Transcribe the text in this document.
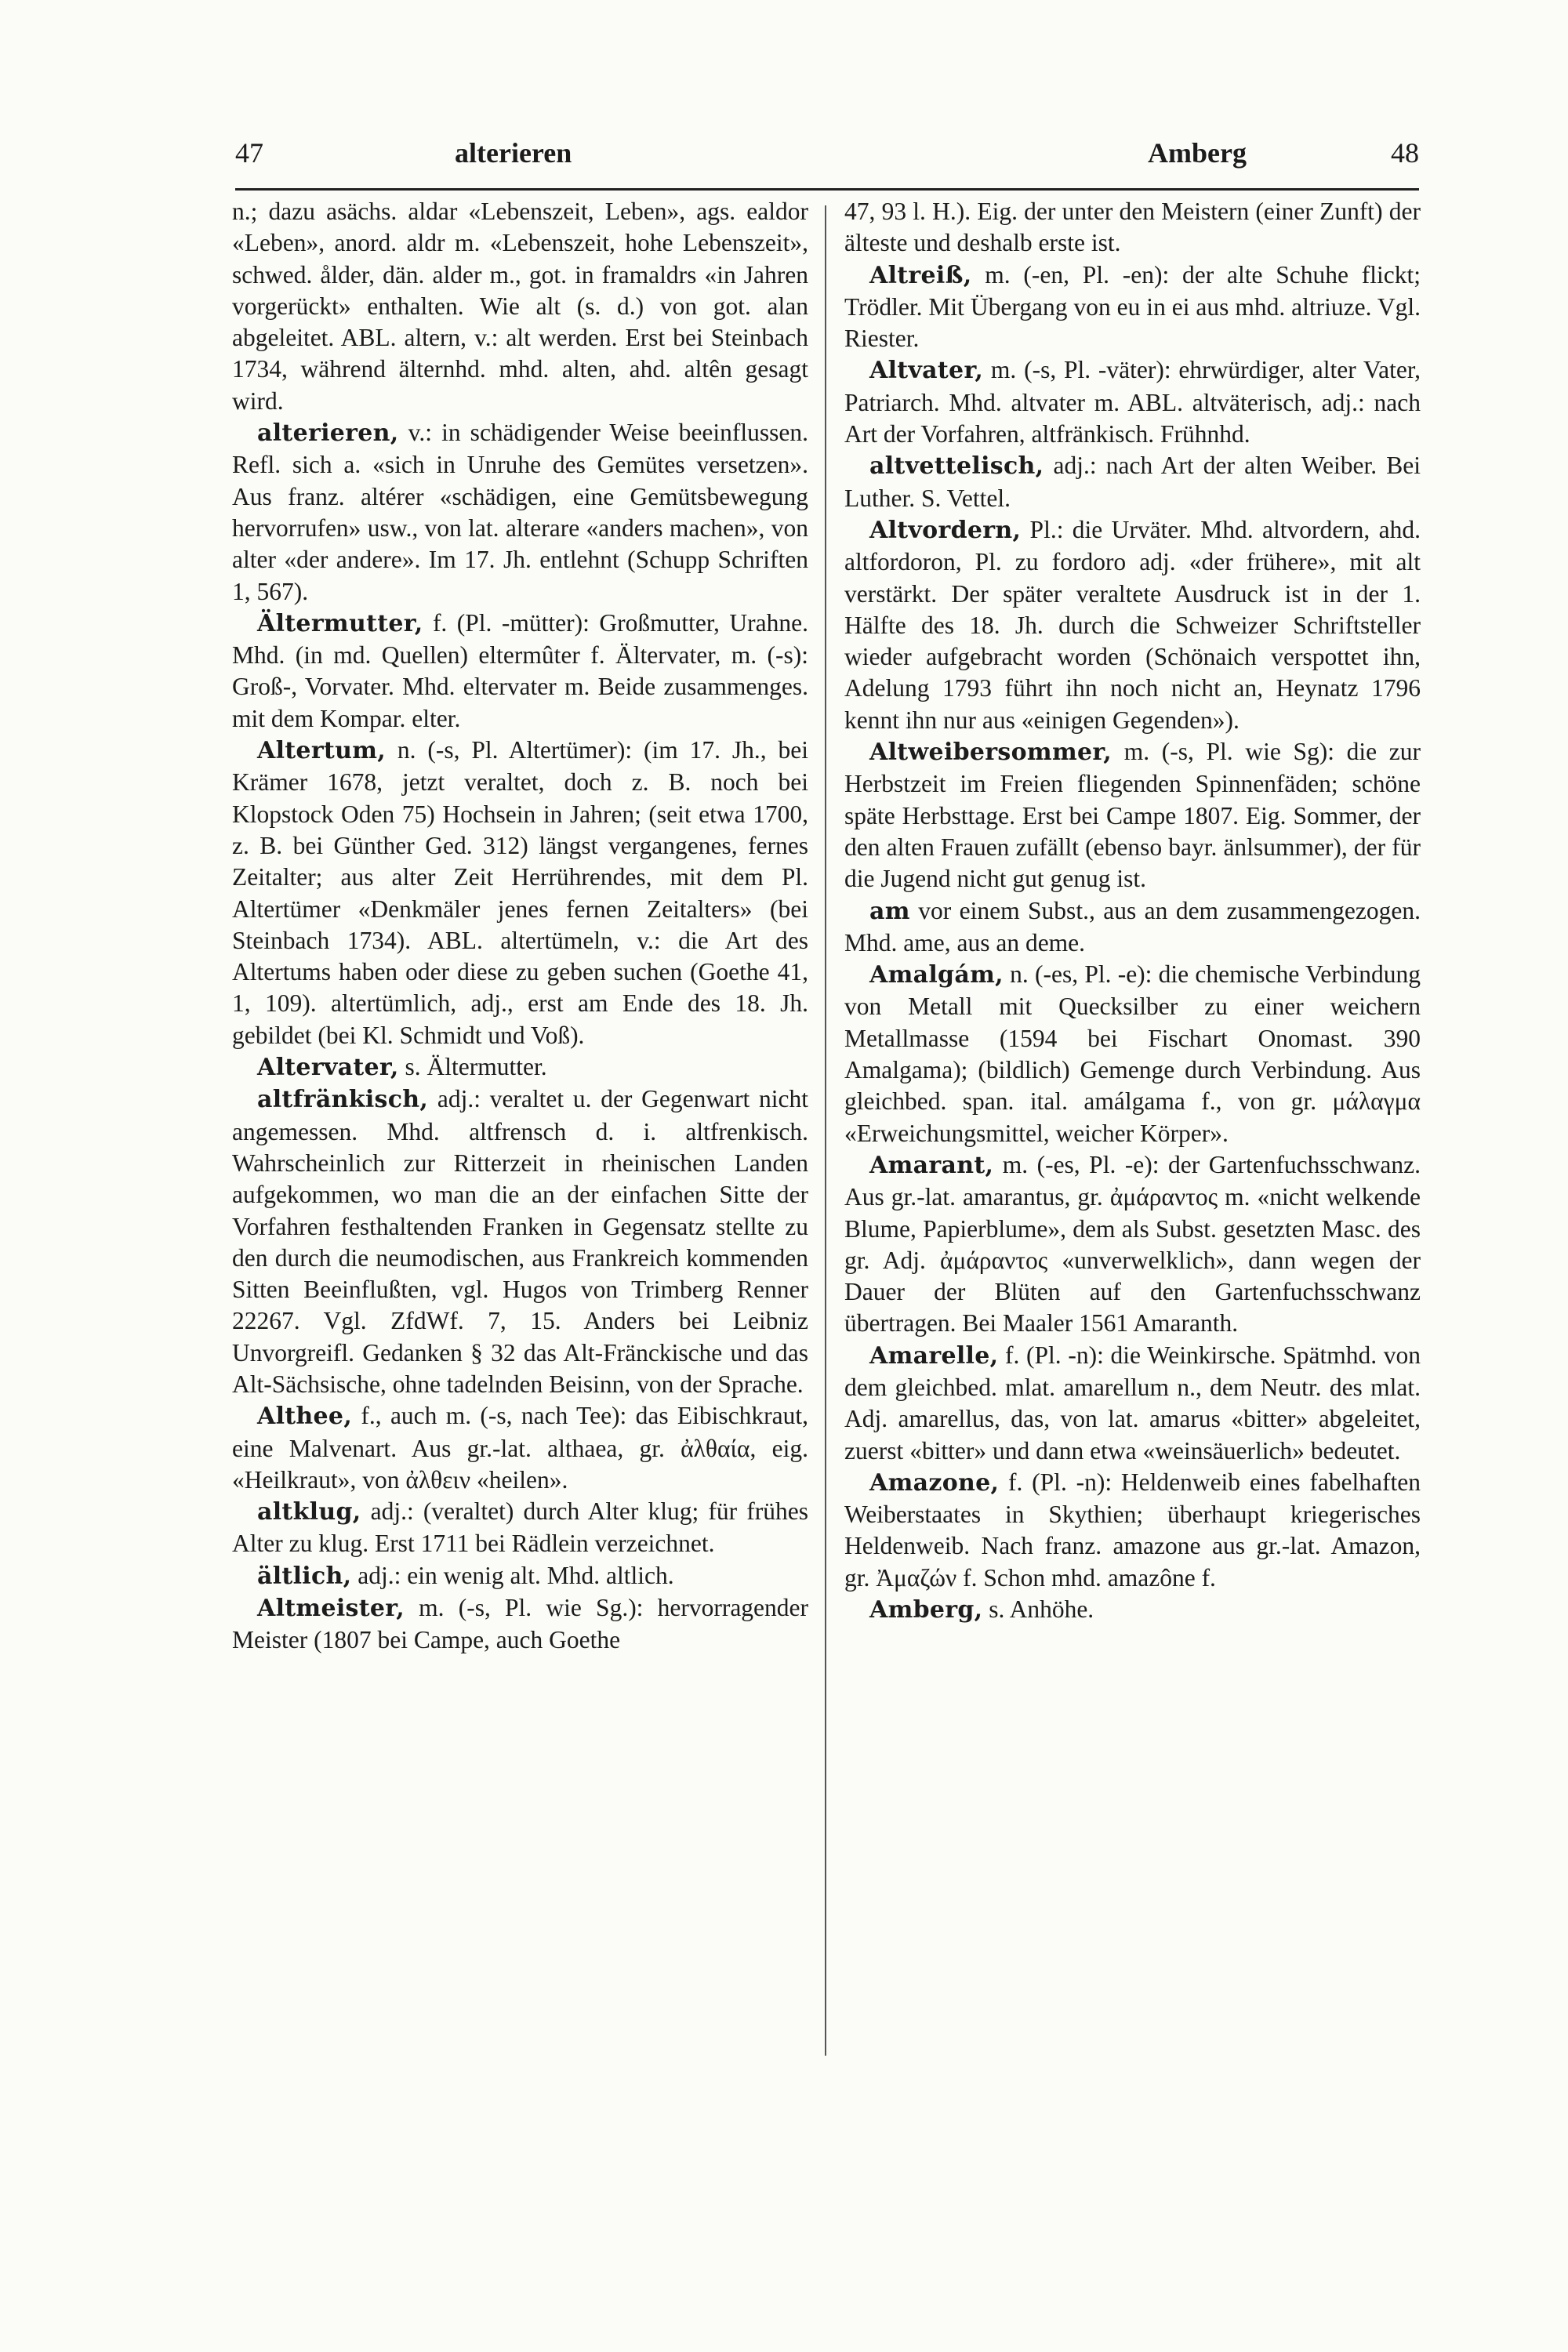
47	alterieren	Amberg	48

n.; dazu asächs. aldar «Lebenszeit, Leben», ags. ealdor «Leben», anord. aldr m. «Lebenszeit, hohe Lebenszeit», schwed. ålder, dän. alder m., got. in framaldrs «in Jahren vorgerückt» enthalten. Wie alt (s. d.) von got. alan abgeleitet. ABL. altern, v.: alt werden. Erst bei Steinbach 1734, während älternhd. mhd. alten, ahd. altên gesagt wird.

alterieren, v.: in schädigender Weise beeinflussen. Refl. sich a. «sich in Unruhe des Gemütes versetzen». Aus franz. altérer «schädigen, eine Gemütsbewegung hervorrufen» usw., von lat. alterare «anders machen», von alter «der andere». Im 17. Jh. entlehnt (Schupp Schriften 1, 567).

Ältermutter, f. (Pl. -mütter): Großmutter, Urahne. Mhd. (in md. Quellen) eltermûter f. Ältervater, m. (-s): Groß-, Vorvater. Mhd. eltervater m. Beide zusammenges. mit dem Kompar. elter.

Altertum, n. (-s, Pl. Altertümer): (im 17. Jh., bei Krämer 1678, jetzt veraltet, doch z. B. noch bei Klopstock Oden 75) Hochsein in Jahren; (seit etwa 1700, z. B. bei Günther Ged. 312) längst vergangenes, fernes Zeitalter; aus alter Zeit Herrührendes, mit dem Pl. Altertümer «Denkmäler jenes fernen Zeitalters» (bei Steinbach 1734). ABL. altertümeln, v.: die Art des Altertums haben oder diese zu geben suchen (Goethe 41, 1, 109). altertümlich, adj., erst am Ende des 18. Jh. gebildet (bei Kl. Schmidt und Voß).

Altervater, s. Ältermutter.

altfränkisch, adj.: veraltet u. der Gegenwart nicht angemessen. Mhd. altfrensch d. i. altfrenkisch. Wahrscheinlich zur Ritterzeit in rheinischen Landen aufgekommen, wo man die an der einfachen Sitte der Vorfahren festhaltenden Franken in Gegensatz stellte zu den durch die neumodischen, aus Frankreich kommenden Sitten Beeinflußten, vgl. Hugos von Trimberg Renner 22267. Vgl. ZfdWf. 7, 15. Anders bei Leibniz Unvorgreifl. Gedanken § 32 das Alt-Fränckische und das Alt-Sächsische, ohne tadelnden Beisinn, von der Sprache.

Althee, f., auch m. (-s, nach Tee): das Eibischkraut, eine Malvenart. Aus gr.-lat. althaea, gr. ἀλθαία, eig. «Heilkraut», von ἀλθειν «heilen».

altklug, adj.: (veraltet) durch Alter klug; für frühes Alter zu klug. Erst 1711 bei Rädlein verzeichnet.

ältlich, adj.: ein wenig alt. Mhd. altlich.

Altmeister, m. (-s, Pl. wie Sg.): hervorragender Meister (1807 bei Campe, auch Goethe

47, 93 l. H.). Eig. der unter den Meistern (einer Zunft) der älteste und deshalb erste ist.

Altreiß, m. (-en, Pl. -en): der alte Schuhe flickt; Trödler. Mit Übergang von eu in ei aus mhd. altriuze. Vgl. Riester.

Altvater, m. (-s, Pl. -väter): ehrwürdiger, alter Vater, Patriarch. Mhd. altvater m. ABL. altväterisch, adj.: nach Art der Vorfahren, altfränkisch. Frühnhd.

altvettelisch, adj.: nach Art der alten Weiber. Bei Luther. S. Vettel.

Altvordern, Pl.: die Urväter. Mhd. altvordern, ahd. altfordoron, Pl. zu fordoro adj. «der frühere», mit alt verstärkt. Der später veraltete Ausdruck ist in der 1. Hälfte des 18. Jh. durch die Schweizer Schriftsteller wieder aufgebracht worden (Schönaich verspottet ihn, Adelung 1793 führt ihn noch nicht an, Heynatz 1796 kennt ihn nur aus «einigen Gegenden»).

Altweibersommer, m. (-s, Pl. wie Sg): die zur Herbstzeit im Freien fliegenden Spinnenfäden; schöne späte Herbsttage. Erst bei Campe 1807. Eig. Sommer, der den alten Frauen zufällt (ebenso bayr. änlsummer), der für die Jugend nicht gut genug ist.

am vor einem Subst., aus an dem zusammengezogen. Mhd. ame, aus an deme.

Amalgám, n. (-es, Pl. -e): die chemische Verbindung von Metall mit Quecksilber zu einer weichern Metallmasse (1594 bei Fischart Onomast. 390 Amalgama); (bildlich) Gemenge durch Verbindung. Aus gleichbed. span. ital. amálgama f., von gr. μάλαγμα «Erweichungsmittel, weicher Körper».

Amarant, m. (-es, Pl. -e): der Gartenfuchsschwanz. Aus gr.-lat. amarantus, gr. ἀμάραντος m. «nicht welkende Blume, Papierblume», dem als Subst. gesetzten Masc. des gr. Adj. ἀμάραντος «unverwelklich», dann wegen der Dauer der Blüten auf den Gartenfuchsschwanz übertragen. Bei Maaler 1561 Amaranth.

Amarelle, f. (Pl. -n): die Weinkirsche. Spätmhd. von dem gleichbed. mlat. amarellum n., dem Neutr. des mlat. Adj. amarellus, das, von lat. amarus «bitter» abgeleitet, zuerst «bitter» und dann etwa «weinsäuerlich» bedeutet.

Amazone, f. (Pl. -n): Heldenweib eines fabelhaften Weiberstaates in Skythien; überhaupt kriegerisches Heldenweib. Nach franz. amazone aus gr.-lat. Amazon, gr. Ἀμαζών f. Schon mhd. amazône f.

Amberg, s. Anhöhe.
